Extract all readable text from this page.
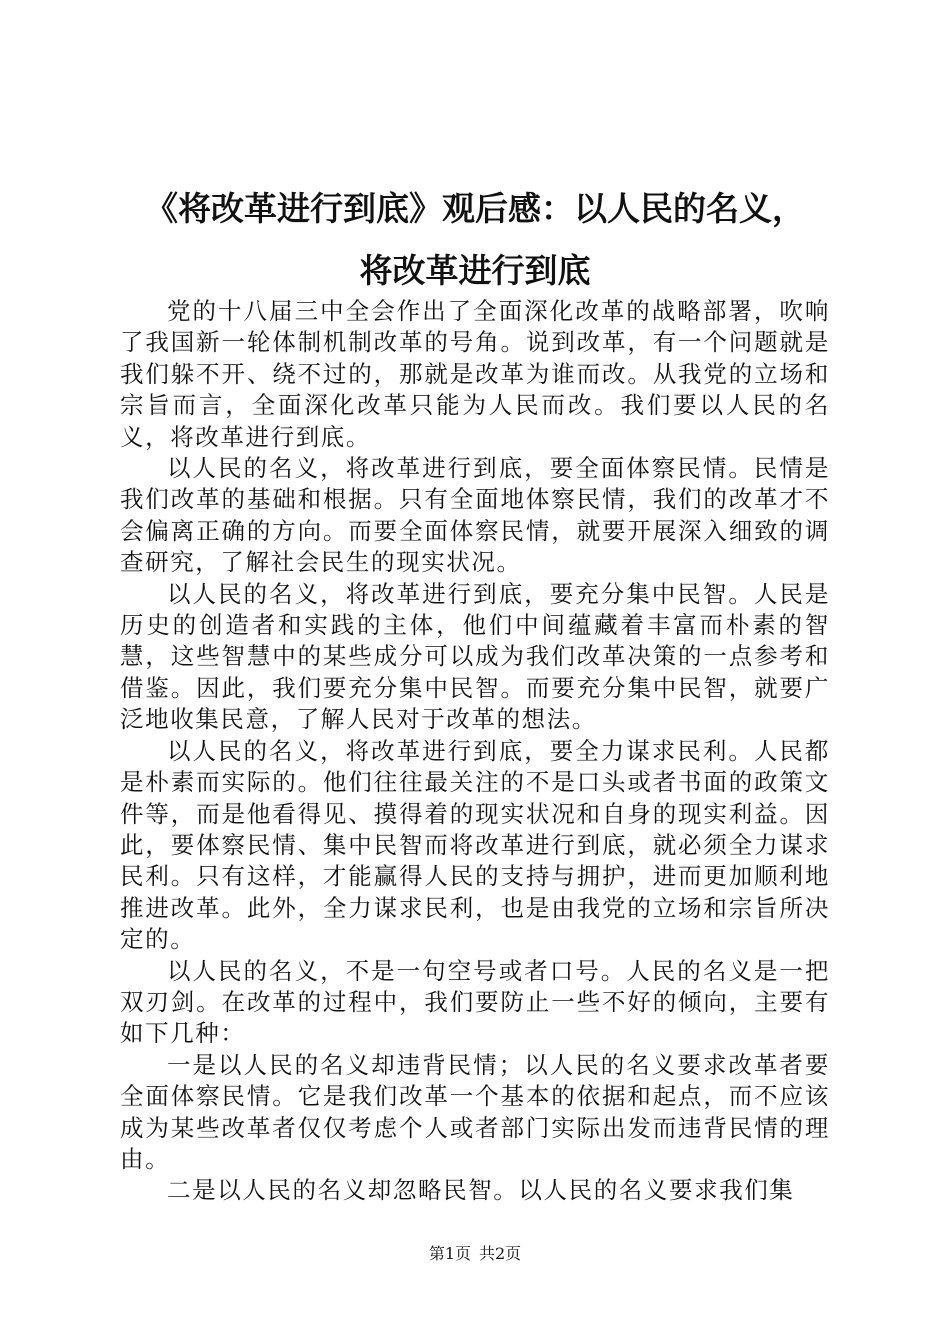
《将改革进行到底》观后感：以人民的名义，
将改革进行到底

党的十八届三中全会作出了全面深化改革的战略部署，吹响了我国新一轮体制机制改革的号角。说到改革，有一个问题就是我们躲不开、绕不过的，那就是改革为谁而改。从我党的立场和宗旨而言，全面深化改革只能为人民而改。我们要以人民的名义，将改革进行到底。

以人民的名义，将改革进行到底，要全面体察民情。民情是我们改革的基础和根据。只有全面地体察民情，我们的改革才不会偏离正确的方向。而要全面体察民情，就要开展深入细致的调查研究，了解社会民生的现实状况。

以人民的名义，将改革进行到底，要充分集中民智。人民是历史的创造者和实践的主体，他们中间蕴藏着丰富而朴素的智慧，这些智慧中的某些成分可以成为我们改革决策的一点参考和借鉴。因此，我们要充分集中民智。而要充分集中民智，就要广泛地收集民意，了解人民对于改革的想法。

以人民的名义，将改革进行到底，要全力谋求民利。人民都是朴素而实际的。他们往往最关注的不是口头或者书面的政策文件等，而是他看得见、摸得着的现实状况和自身的现实利益。因此，要体察民情、集中民智而将改革进行到底，就必须全力谋求民利。只有这样，才能赢得人民的支持与拥护，进而更加顺利地推进改革。此外，全力谋求民利，也是由我党的立场和宗旨所决定的。

以人民的名义，不是一句空号或者口号。人民的名义是一把双刃剑。在改革的过程中，我们要防止一些不好的倾向，主要有如下几种：

一是以人民的名义却违背民情；以人民的名义要求改革者要全面体察民情。它是我们改革一个基本的依据和起点，而不应该成为某些改革者仅仅考虑个人或者部门实际出发而违背民情的理由。

二是以人民的名义却忽略民智。以人民的名义要求我们集

第1页 共2页
